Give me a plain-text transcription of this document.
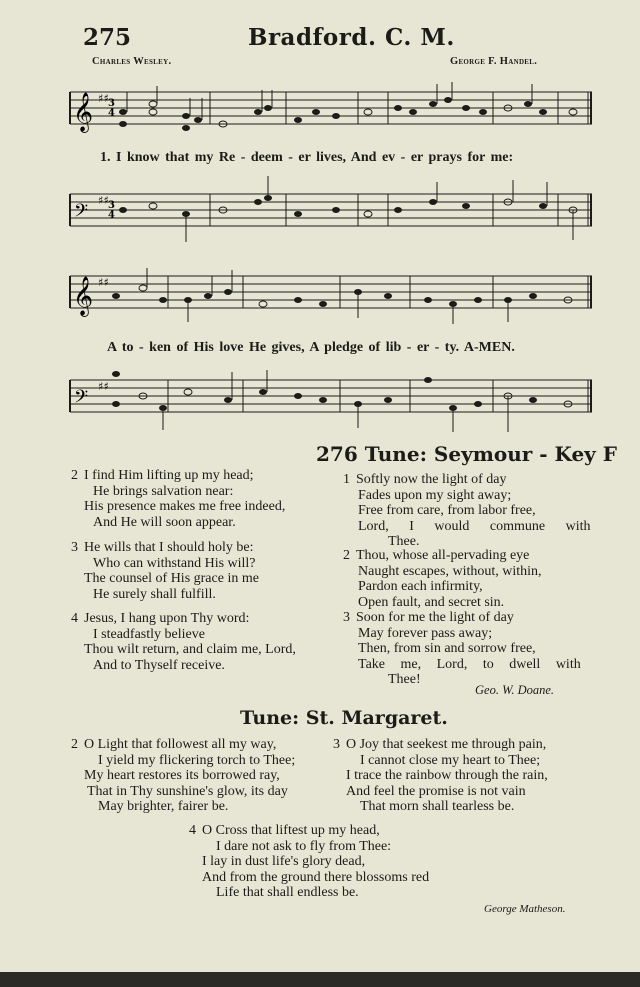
275	Bradford. C. M.
Charles Wesley.	George F. Handel.
𝄞 ♯♯ 3
4
1. I know that my Re - deem - er lives, And ev - er prays for me:
𝄢
♯♯ 3
4
𝄞 ♯♯
A to - ken of His love He gives, A pledge of lib - er - ty. A-MEN.
𝄢
♯♯
2 I find Him lifting up my head;
He brings salvation near:
His presence makes me free indeed,
And He will soon appear.
3 He wills that I should holy be:
Who can withstand His will?
The counsel of His grace in me
He surely shall fulfill.
4 Jesus, I hang upon Thy word:
I steadfastly believe
Thou wilt return, and claim me, Lord,
And to Thyself receive.
276 Tune: Seymour - Key F
1 Softly now the light of day
Fades upon my sight away;
Free from care, from labor free,
Lord, I would commune with
Thee.
2 Thou, whose all-pervading eye
Naught escapes, without, within,
Pardon each infirmity,
Open fault, and secret sin.
3 Soon for me the light of day
May forever pass away;
Then, from sin and sorrow free,
Take me, Lord, to dwell with
Thee!
Geo. W. Doane.
Tune: St. Margaret.
2 O Light that followest all my way,
I yield my flickering torch to Thee;
My heart restores its borrowed ray,
That in Thy sunshine's glow, its day
May brighter, fairer be.
3 O Joy that seekest me through pain,
I cannot close my heart to Thee;
I trace the rainbow through the rain,
And feel the promise is not vain
That morn shall tearless be.
4 O Cross that liftest up my head,
I dare not ask to fly from Thee:
I lay in dust life's glory dead,
And from the ground there blossoms red
Life that shall endless be.
George Matheson.
